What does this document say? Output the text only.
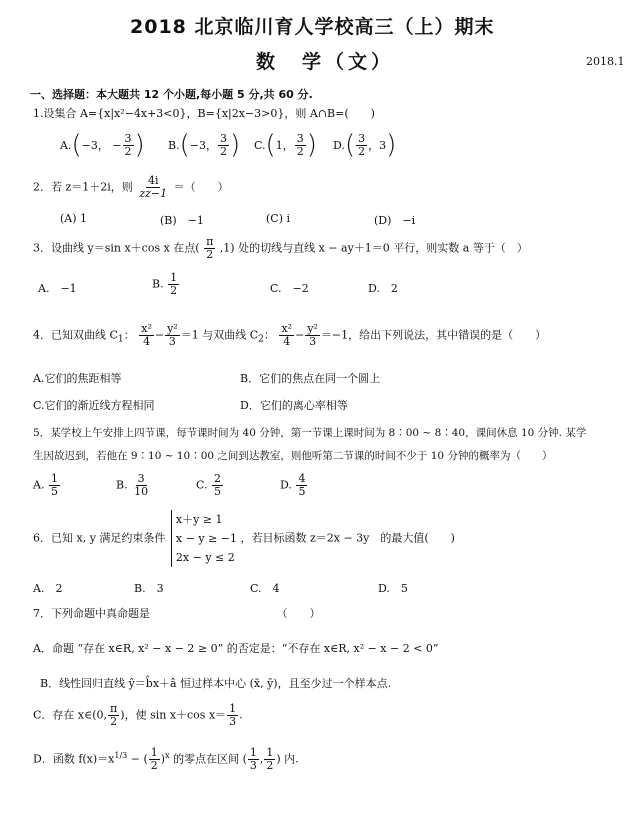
2018 北京临川育人学校高三（上）期末
数　学（文）	2018.1
一、选择题：本大题共 12 个小题,每小题 5 分,共 60 分.
1.设集合 A={x|x²−4x+3<0}，B={x|2x−3>0}，则 A∩B=(　　)
A. ( −3， − $\frac{3}{2}$ ) B. ( −3， $\frac{3}{2}$ ) C. ( 1， $\frac{3}{2}$ ) D. ( $\frac{3}{2}$ ，3 )
2．若 z＝1＋2i，则 $\frac{4i}{zz-1}$ ＝（　　）
(A) 1	(B)　−1	(C) i	(D)　−i
3．设曲线 y＝sin x＋cos x 在点( $\frac{\pi}{2} ,1$) 处的切线与直线 x − ay＋1＝0 平行，则实数 a 等于（　）
A.　−1	B. $\frac{1}{2}$	C.　−2	D.　2
4．已知双曲线 $C_1$： $\frac{\text{x²}}{4} - \frac{\text{y²}}{3} =1$ 与双曲线 $C_2$： $\frac{\text{x²}}{4} - \frac{\text{y²}}{3} =-1$，给出下列说法，其中错误的是（　　）
A.它们的焦距相等	B．它们的焦点在同一个圆上
C.它们的渐近线方程相同	D．它们的离心率相等
5．某学校上午安排上四节课，每节课时间为 40 分钟，第一节课上课时间为 8∶00 ~ 8∶40，课间休息 10 分钟. 某学
生因故迟到，若他在 9∶10 ~ 10∶00 之间到达教室，则他听第二节课的时间不少于 10 分钟的概率为（　　）
A. $\frac{1}{5}$	B. $\frac{3}{10}$	C. $\frac{2}{5}$	D. $\frac{4}{5}$
6．已知 x, y 满足约束条件 x＋y ≥ 1
x − y ≥ −1
2x − y ≤ 2 ，若目标函数 z＝2x − 3y　的最大值(　　)
A.　2	B.　3	C.　4	D.　5
7．下列命题中真命题是　　　　　　　　　　　　（　　）
A．命题 “存在 x∈R, x² − x − 2 ≥ 0” 的否定是：“不存在 x∈R, x² − x − 2 < 0”
B．线性回归直线 ŷ＝b̂x＋â 恒过样本中心 (x̄, ȳ)，且至少过一个样本点.
C．存在 x∈(0, $\frac{\pi}{2}$ )，使 sin x＋cos $x= \frac{1}{3}$ .
D．函数 $f(x)=x^{1/3}$ − ( $\frac{1}{2} )^x$ 的零点在区间 ( $\frac{1}{3}$ , $\frac{1}{2}$ ) 内.
